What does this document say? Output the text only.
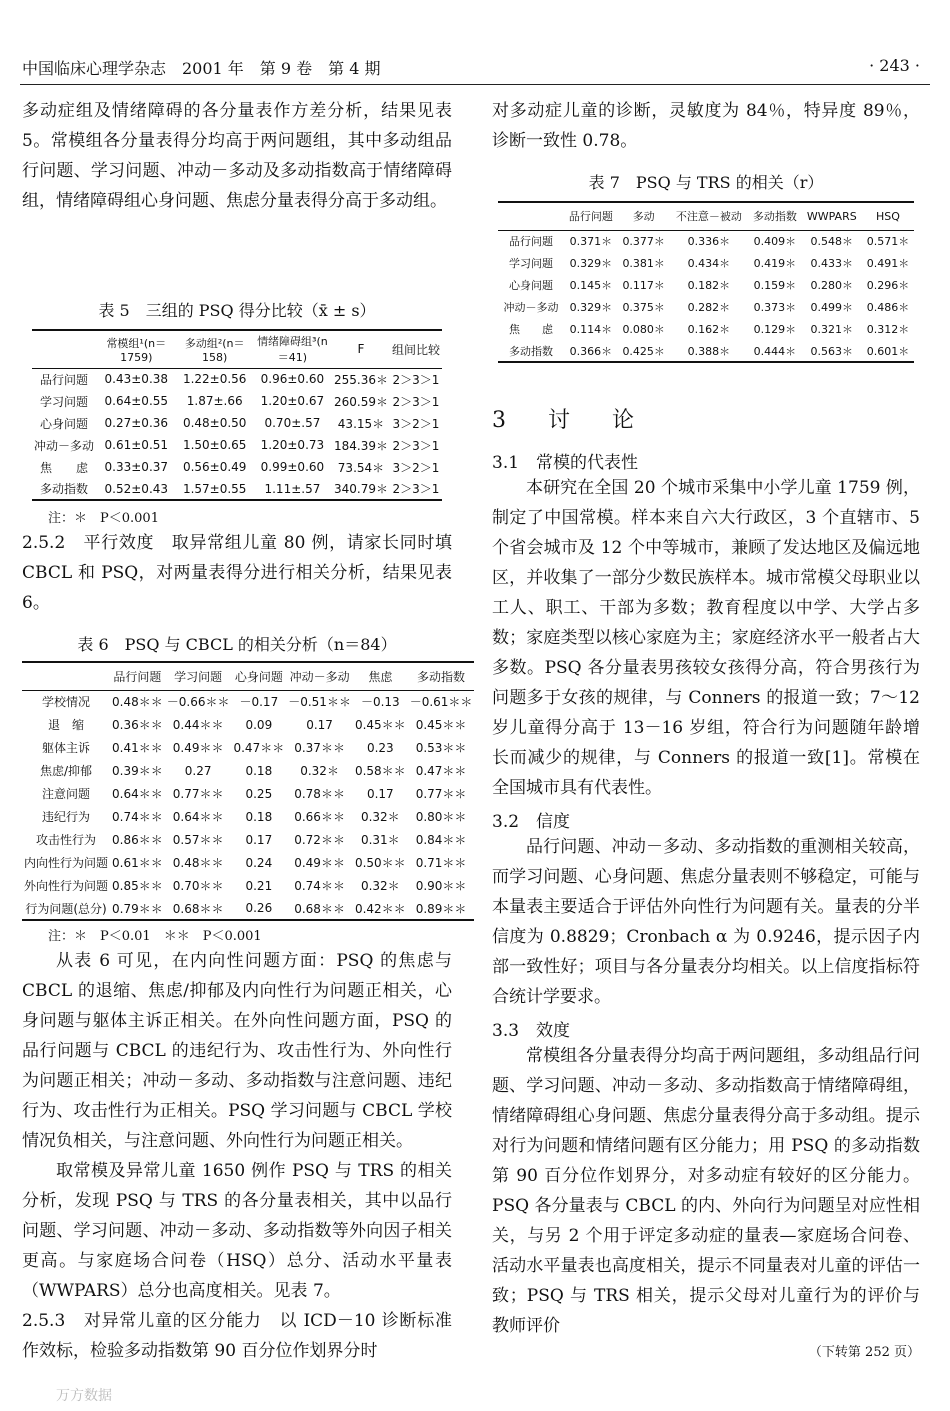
中国临床心理学杂志　2001 年　第 9 卷　第 4 期	· 243 ·

多动症组及情绪障碍的各分量表作方差分析，结果见表 5。常模组各分量表得分均高于两问题组，其中多动组品行问题、学习问题、冲动－多动及多动指数高于情绪障碍组，情绪障碍组心身问题、焦虑分量表得分高于多动组。

表 5　三组的 PSQ 得分比较（x̄ ± s）

	常模组¹(n＝1759)	多动组²(n＝158)	情绪障碍组³(n＝41)	F	组间比较
品行问题	0.43±0.38	1.22±0.56	0.96±0.60	255.36＊	2＞3＞1
学习问题	0.64±0.55	1.87±.66	1.20±0.67	260.59＊	2＞3＞1
心身问题	0.27±0.36	0.48±0.50	0.70±.57	43.15＊	3＞2＞1
冲动－多动	0.61±0.51	1.50±0.65	1.20±0.73	184.39＊	2＞3＞1
焦　　虑	0.33±0.37	0.56±0.49	0.99±0.60	73.54＊	3＞2＞1
多动指数	0.52±0.43	1.57±0.55	1.11±.57	340.79＊	2＞3＞1

注：＊　P＜0.001

2.5.2　平行效度　取异常组儿童 80 例，请家长同时填 CBCL 和 PSQ，对两量表得分进行相关分析，结果见表 6。

表 6　PSQ 与 CBCL 的相关分析（n＝84）

	品行问题	学习问题	心身问题	冲动－多动	焦虑	多动指数
学校情况	0.48＊＊	－0.66＊＊	－0.17	－0.51＊＊	－0.13	－0.61＊＊
退　缩	0.36＊＊	0.44＊＊	0.09	0.17	0.45＊＊	0.45＊＊
躯体主诉	0.41＊＊	0.49＊＊	0.47＊＊	0.37＊＊	0.23	0.53＊＊
焦虑/抑郁	0.39＊＊	0.27	0.18	0.32＊	0.58＊＊	0.47＊＊
注意问题	0.64＊＊	0.77＊＊	0.25	0.78＊＊	0.17	0.77＊＊
违纪行为	0.74＊＊	0.64＊＊	0.18	0.66＊＊	0.32＊	0.80＊＊
攻击性行为	0.86＊＊	0.57＊＊	0.17	0.72＊＊	0.31＊	0.84＊＊
内向性行为问题	0.61＊＊	0.48＊＊	0.24	0.49＊＊	0.50＊＊	0.71＊＊
外向性行为问题	0.85＊＊	0.70＊＊	0.21	0.74＊＊	0.32＊	0.90＊＊
行为问题(总分)	0.79＊＊	0.68＊＊	0.26	0.68＊＊	0.42＊＊	0.89＊＊

注：＊　P＜0.01　＊＊　P＜0.001

从表 6 可见，在内向性问题方面：PSQ 的焦虑与 CBCL 的退缩、焦虑/抑郁及内向性行为问题正相关，心身问题与躯体主诉正相关。在外向性问题方面，PSQ 的品行问题与 CBCL 的违纪行为、攻击性行为、外向性行为问题正相关；冲动－多动、多动指数与注意问题、违纪行为、攻击性行为正相关。PSQ 学习问题与 CBCL 学校情况负相关，与注意问题、外向性行为问题正相关。

取常模及异常儿童 1650 例作 PSQ 与 TRS 的相关分析，发现 PSQ 与 TRS 的各分量表相关，其中以品行问题、学习问题、冲动－多动、多动指数等外向因子相关更高。与家庭场合问卷（HSQ）总分、活动水平量表（WWPARS）总分也高度相关。见表 7。

2.5.3　对异常儿童的区分能力　以 ICD－10 诊断标准作效标，检验多动指数第 90 百分位作划界分时

对多动症儿童的诊断，灵敏度为 84％，特异度 89％，诊断一致性 0.78。

表 7　PSQ 与 TRS 的相关（r）

	品行问题	多动	不注意－被动	多动指数	WWPARS	HSQ
品行问题	0.371＊	0.377＊	0.336＊	0.409＊	0.548＊	0.571＊
学习问题	0.329＊	0.381＊	0.434＊	0.419＊	0.433＊	0.491＊
心身问题	0.145＊	0.117＊	0.182＊	0.159＊	0.280＊	0.296＊
冲动－多动	0.329＊	0.375＊	0.282＊	0.373＊	0.499＊	0.486＊
焦　　虑	0.114＊	0.080＊	0.162＊	0.129＊	0.321＊	0.312＊
多动指数	0.366＊	0.425＊	0.388＊	0.444＊	0.563＊	0.601＊
3　讨　论
3.1　常模的代表性

本研究在全国 20 个城市采集中小学儿童 1759 例，制定了中国常模。样本来自六大行政区，3 个直辖市、5 个省会城市及 12 个中等城市，兼顾了发达地区及偏远地区，并收集了一部分少数民族样本。城市常模父母职业以工人、职工、干部为多数；教育程度以中学、大学占多数；家庭类型以核心家庭为主；家庭经济水平一般者占大多数。PSQ 各分量表男孩较女孩得分高，符合男孩行为问题多于女孩的规律，与 Conners 的报道一致；7～12 岁儿童得分高于 13－16 岁组，符合行为问题随年龄增长而减少的规律，与 Conners 的报道一致[1]。常模在全国城市具有代表性。

3.2　信度

品行问题、冲动－多动、多动指数的重测相关较高，而学习问题、心身问题、焦虑分量表则不够稳定，可能与本量表主要适合于评估外向性行为问题有关。量表的分半信度为 0.8829；Cronbach α 为 0.9246，提示因子内部一致性好；项目与各分量表分均相关。以上信度指标符合统计学要求。

3.3　效度

常模组各分量表得分均高于两问题组，多动组品行问题、学习问题、冲动－多动、多动指数高于情绪障碍组，情绪障碍组心身问题、焦虑分量表得分高于多动组。提示对行为问题和情绪问题有区分能力；用 PSQ 的多动指数第 90 百分位作划界分，对多动症有较好的区分能力。PSQ 各分量表与 CBCL 的内、外向行为问题呈对应性相关，与另 2 个用于评定多动症的量表—家庭场合问卷、活动水平量表也高度相关，提示不同量表对儿童的评估一致；PSQ 与 TRS 相关，提示父母对儿童行为的评价与教师评价

（下转第 252 页）
万方数据
